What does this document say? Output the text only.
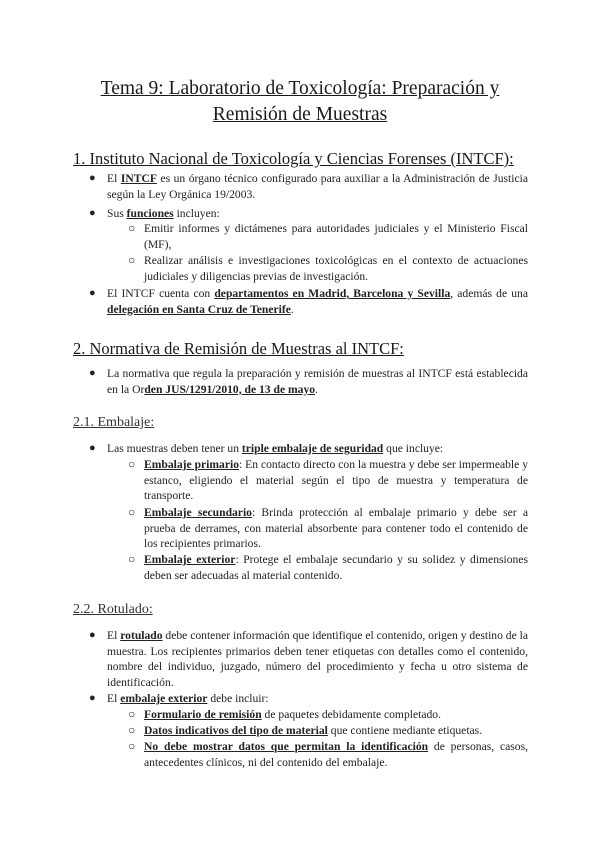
Tema 9: Laboratorio de Toxicología: Preparación y
Remisión de Muestras
1. Instituto Nacional de Toxicología y Ciencias Forenses (INTCF):
● El INTCF es un órgano técnico configurado para auxiliar a la Administración de Justicia según la Ley Orgánica 19/2003.
● Sus funciones incluyen:
○ Emitir informes y dictámenes para autoridades judiciales y el Ministerio Fiscal (MF),
○ Realizar análisis e investigaciones toxicológicas en el contexto de actuaciones judiciales y diligencias previas de investigación.
● El INTCF cuenta con departamentos en Madrid, Barcelona y Sevilla, además de una delegación en Santa Cruz de Tenerife.
2. Normativa de Remisión de Muestras al INTCF:
● La normativa que regula la preparación y remisión de muestras al INTCF está establecida en la Orden JUS/1291/2010, de 13 de mayo.
2.1. Embalaje:
● Las muestras deben tener un triple embalaje de seguridad que incluye:
○ Embalaje primario: En contacto directo con la muestra y debe ser impermeable y estanco, eligiendo el material según el tipo de muestra y temperatura de transporte.
○ Embalaje secundario: Brinda protección al embalaje primario y debe ser a prueba de derrames, con material absorbente para contener todo el contenido de los recipientes primarios.
○ Embalaje exterior: Protege el embalaje secundario y su solidez y dimensiones deben ser adecuadas al material contenido.
2.2. Rotulado:
● El rotulado debe contener información que identifique el contenido, origen y destino de la muestra. Los recipientes primarios deben tener etiquetas con detalles como el contenido, nombre del individuo, juzgado, número del procedimiento y fecha u otro sistema de identificación.
● El embalaje exterior debe incluir:
○ Formulario de remisión de paquetes debidamente completado.
○ Datos indicativos del tipo de material que contiene mediante etiquetas.
○ No debe mostrar datos que permitan la identificación de personas, casos, antecedentes clínicos, ni del contenido del embalaje.
